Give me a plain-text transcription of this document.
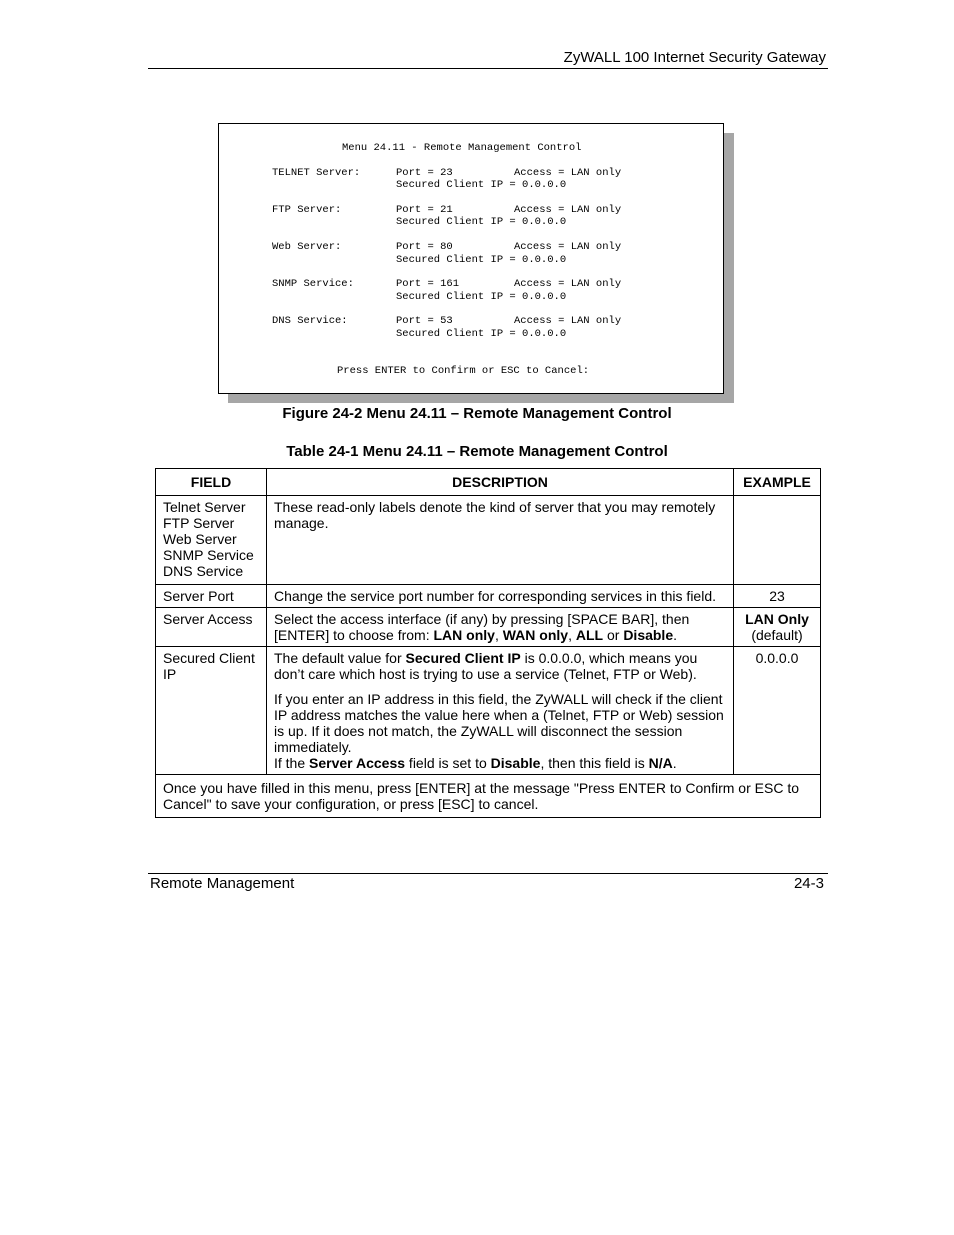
ZyWALL 100 Internet Security Gateway
Menu 24.11 - Remote Management Control
TELNET Server:	Port = 23	Access = LAN only
Secured Client IP = 0.0.0.0
FTP Server:	Port = 21	Access = LAN only
Secured Client IP = 0.0.0.0
Web Server:	Port = 80	Access = LAN only
Secured Client IP = 0.0.0.0
SNMP Service:	Port = 161	Access = LAN only
Secured Client IP = 0.0.0.0
DNS Service:	Port = 53	Access = LAN only
Secured Client IP = 0.0.0.0
Press ENTER to Confirm or ESC to Cancel:
Figure 24-2 Menu 24.11 – Remote Management Control
Table 24-1 Menu 24.11 – Remote Management Control
FIELD	DESCRIPTION	EXAMPLE

Telnet Server
FTP Server
Web Server
SNMP Service
DNS Service	These read-only labels denote the kind of server that you may remotely manage.	
Server Port	Change the service port number for corresponding services in this field.	23
Server Access	Select the access interface (if any) by pressing [SPACE BAR], then [ENTER] to choose from: LAN only, WAN only, ALL or Disable.	LAN Only
(default)

Secured Client IP	The default value for Secured Client IP is 0.0.0.0, which means you don’t care which host is trying to use a service (Telnet, FTP or Web).
If you enter an IP address in this field, the ZyWALL will check if the client IP address matches the value here when a (Telnet, FTP or Web) session is up. If it does not match, the ZyWALL will disconnect the session immediately.
If the Server Access field is set to Disable, then this field is N/A.	0.0.0.0
Once you have filled in this menu, press [ENTER] at the message "Press ENTER to Confirm or ESC to Cancel" to save your configuration, or press [ESC] to cancel.		
Remote Management	24-3
